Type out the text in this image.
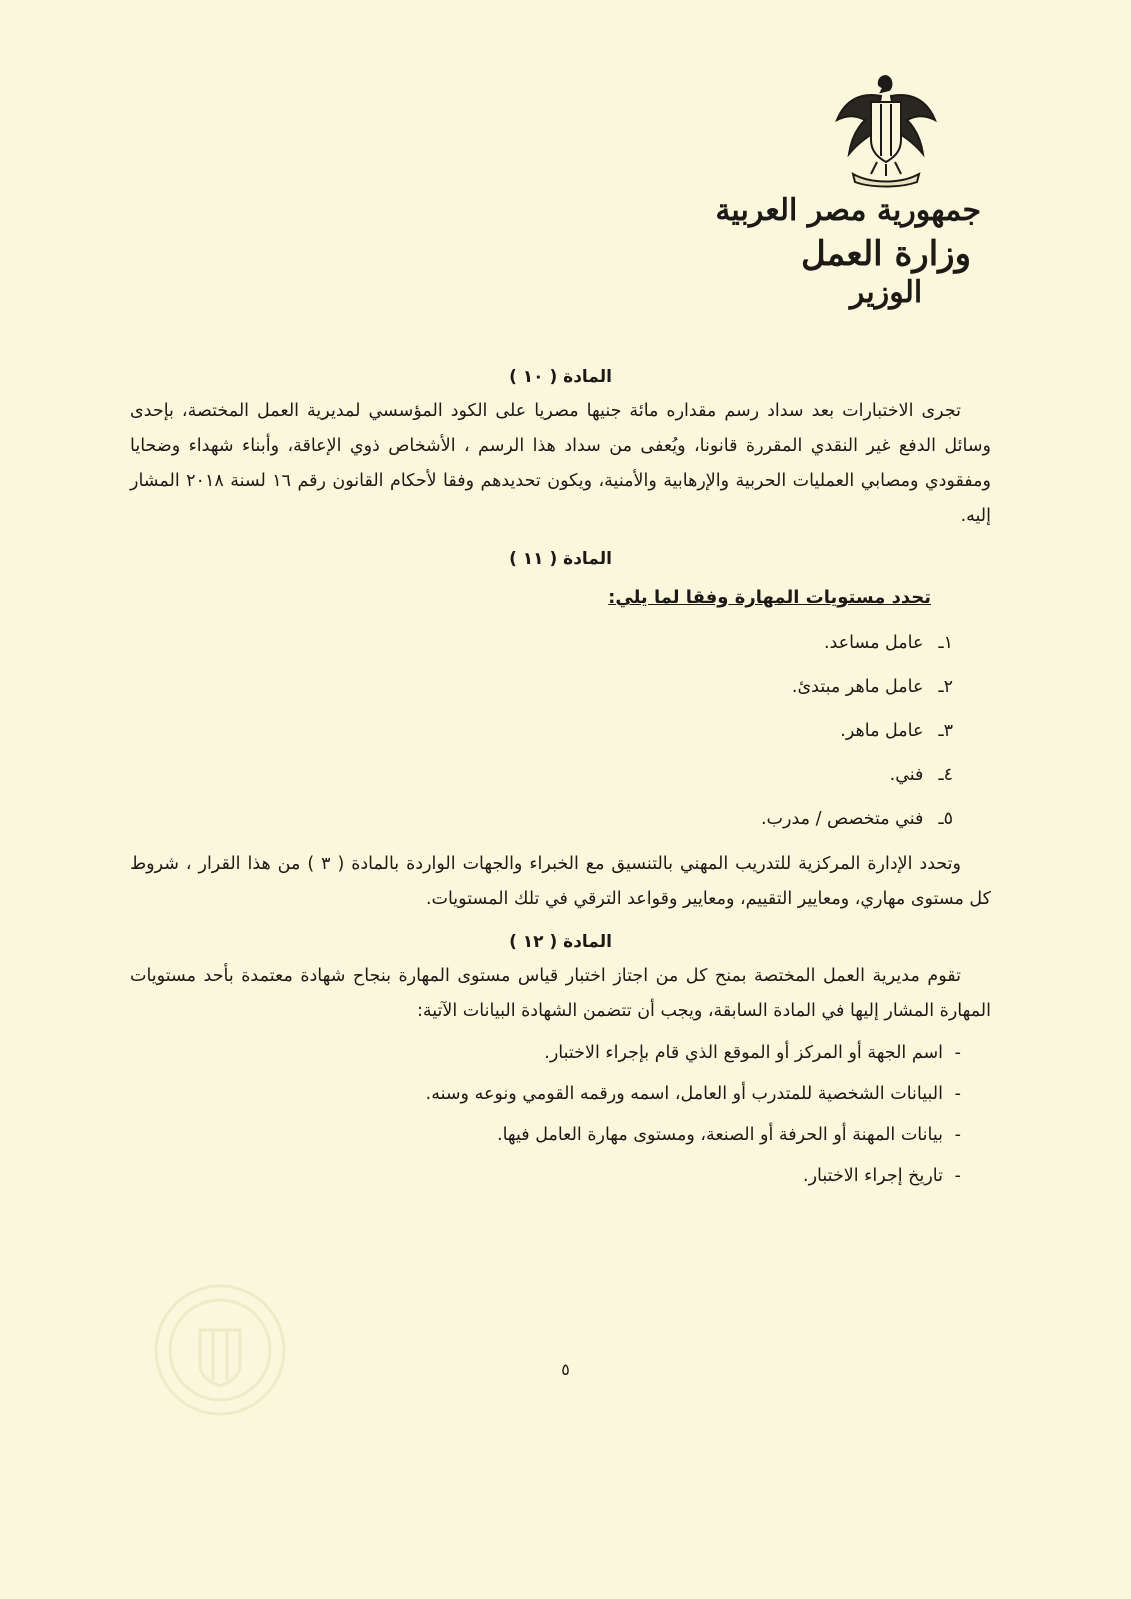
جمهورية مصر العربية
وزارة العمل
الوزير
المادة ( ١٠ )

تجرى الاختبارات بعد سداد رسم مقداره مائة جنيها مصريا على الكود المؤسسي لمديرية العمل المختصة، بإحدى وسائل الدفع غير النقدي المقررة قانونا، ويُعفى من سداد هذا الرسم ، الأشخاص ذوي الإعاقة، وأبناء شهداء وضحايا ومفقودي ومصابي العمليات الحربية والإرهابية والأمنية، ويكون تحديدهم وفقا لأحكام القانون رقم ١٦ لسنة ٢٠١٨ المشار إليه.

المادة ( ١١ )
تحدد مستويات المهارة وفقا لما يلي:
١ـ عامل مساعد.
٢ـ عامل ماهر مبتدئ.
٣ـ عامل ماهر.
٤ـ فني.
٥ـ فني متخصص / مدرب.

وتحدد الإدارة المركزية للتدريب المهني بالتنسيق مع الخبراء والجهات الواردة بالمادة ( ٣ ) من هذا القرار ، شروط كل مستوى مهاري، ومعايير التقييم، ومعايير وقواعد الترقي في تلك المستويات.

المادة ( ١٢ )

تقوم مديرية العمل المختصة بمنح كل من اجتاز اختبار قياس مستوى المهارة بنجاح شهادة معتمدة بأحد مستويات المهارة المشار إليها في المادة السابقة، ويجب أن تتضمن الشهادة البيانات الآتية:

-اسم الجهة أو المركز أو الموقع الذي قام بإجراء الاختبار.
-البيانات الشخصية للمتدرب أو العامل، اسمه ورقمه القومي ونوعه وسنه.
-بيانات المهنة أو الحرفة أو الصنعة، ومستوى مهارة العامل فيها.
-تاريخ إجراء الاختبار.
٥
